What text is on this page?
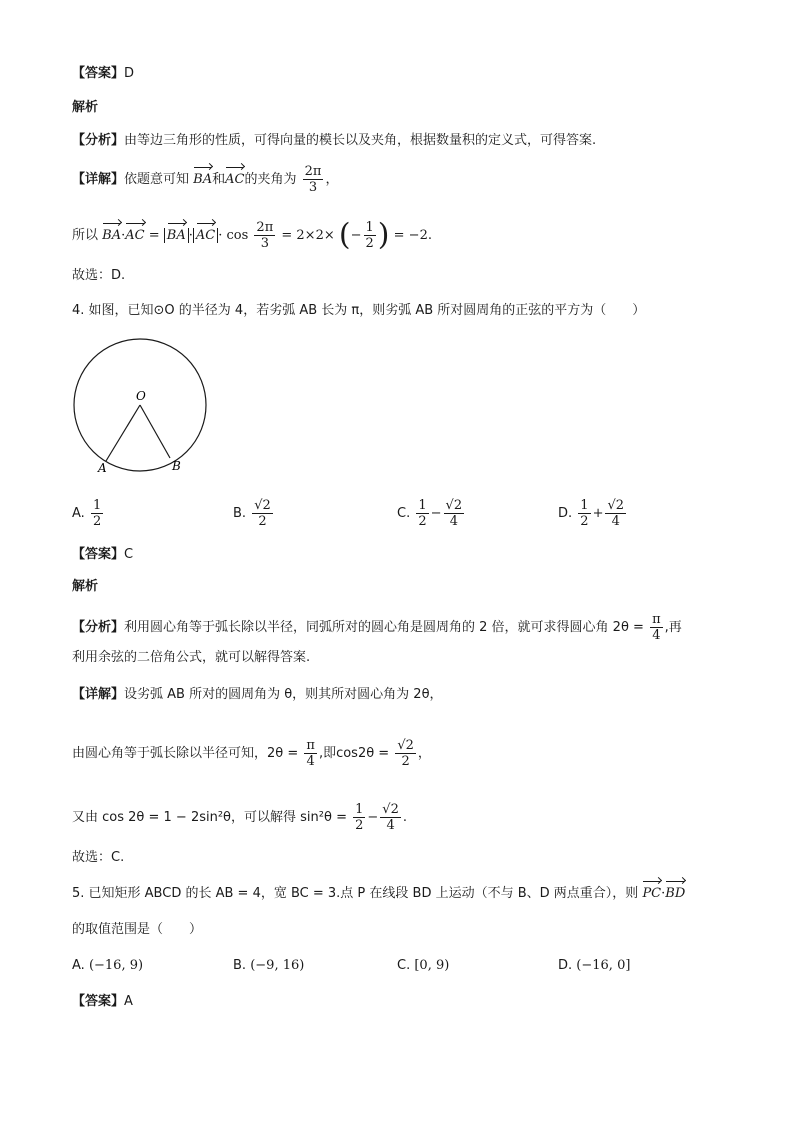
【答案】D
解析
【分析】由等边三角形的性质，可得向量的模长以及夹角，根据数量积的定义式，可得答案.
【详解】依题意可知 BA和AC的夹角为 $\frac{2\pi}{3}$ ，
所以 BA·AC = BA · AC · $\cos \frac{2\pi}{3} = 2\times 2\times$ (− $\frac{1}{2}$ ) = −2.
故选：D.
4. 如图，已知⊙O 的半径为 4，若劣弧 AB 长为 π，则劣弧 AB 所对圆周角的正弦的平方为（　　）
O
A	B
A. $\frac{1}{2}$	B. $\frac{√2}{2}$	C. $\frac{1}{2} - \frac{√2}{4}$	D. $\frac{1}{2} + \frac{√2}{4}$
【答案】C
解析
【分析】利用圆心角等于弧长除以半径，同弧所对的圆心角是圆周角的 2 倍，就可求得圆心角 $2\theta = \frac{\pi}{4}$ ,再
利用余弦的二倍角公式，就可以解得答案.
【详解】设劣弧 AB 所对的圆周角为 θ，则其所对圆心角为 2θ，
由圆心角等于弧长除以半径可知，$2\theta = \frac{\pi}{4}$ ,即$\cos 2\theta = \frac{√2}{2}$ ，
又由 cos 2θ = 1 − 2sin²θ，可以解得 $\sin^2\theta = \frac{1}{2} - \frac{√2}{4}$ .
故选：C.
5. 已知矩形 ABCD 的长 AB = 4，宽 BC = 3.点 P 在线段 BD 上运动（不与 B、D 两点重合），则 PC·BD
的取值范围是（　　）
A. (−16, 9)	B. (−9, 16)	C. [0, 9)	D. (−16, 0]
【答案】A
